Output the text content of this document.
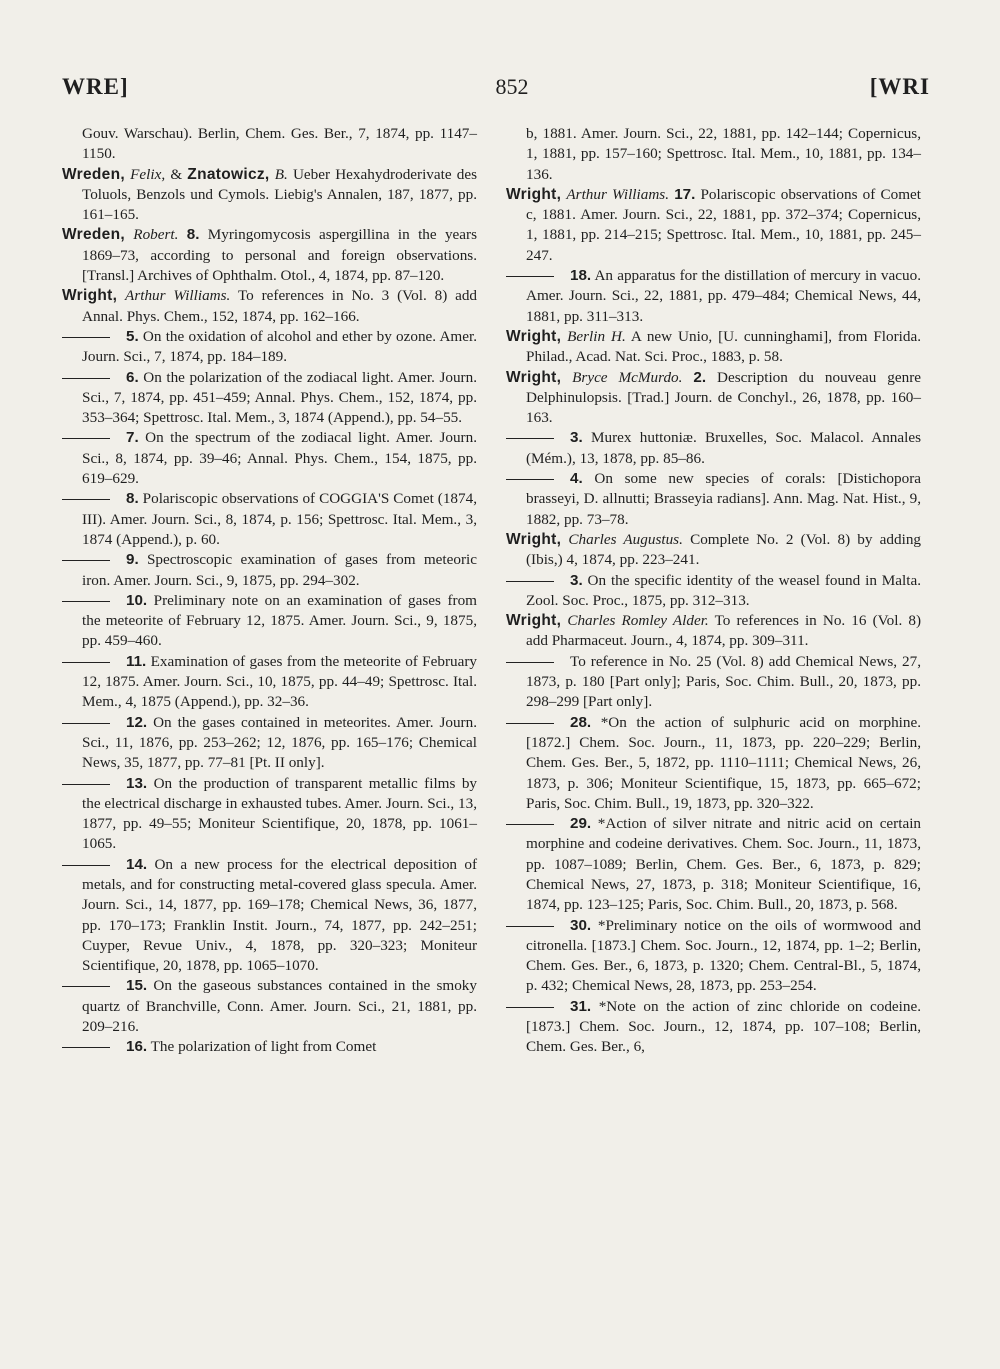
WRE]	852	[WRI

Gouv. Warschau). Berlin, Chem. Ges. Ber., 7, 1874, pp. 1147–1150.

Wreden, Felix, & Znatowicz, B. Ueber Hexahydroderivate des Toluols, Benzols und Cymols. Liebig's Annalen, 187, 1877, pp. 161–165.

Wreden, Robert. 8. Myringomycosis aspergillina in the years 1869–73, according to personal and foreign observations. [Transl.] Archives of Ophthalm. Otol., 4, 1874, pp. 87–120.

Wright, Arthur Williams. To references in No. 3 (Vol. 8) add Annal. Phys. Chem., 152, 1874, pp. 162–166.

5. On the oxidation of alcohol and ether by ozone. Amer. Journ. Sci., 7, 1874, pp. 184–189.

6. On the polarization of the zodiacal light. Amer. Journ. Sci., 7, 1874, pp. 451–459; Annal. Phys. Chem., 152, 1874, pp. 353–364; Spettrosc. Ital. Mem., 3, 1874 (Append.), pp. 54–55.

7. On the spectrum of the zodiacal light. Amer. Journ. Sci., 8, 1874, pp. 39–46; Annal. Phys. Chem., 154, 1875, pp. 619–629.

8. Polariscopic observations of COGGIA'S Comet (1874, III). Amer. Journ. Sci., 8, 1874, p. 156; Spettrosc. Ital. Mem., 3, 1874 (Append.), p. 60.

9. Spectroscopic examination of gases from meteoric iron. Amer. Journ. Sci., 9, 1875, pp. 294–302.

10. Preliminary note on an examination of gases from the meteorite of February 12, 1875. Amer. Journ. Sci., 9, 1875, pp. 459–460.

11. Examination of gases from the meteorite of February 12, 1875. Amer. Journ. Sci., 10, 1875, pp. 44–49; Spettrosc. Ital. Mem., 4, 1875 (Append.), pp. 32–36.

12. On the gases contained in meteorites. Amer. Journ. Sci., 11, 1876, pp. 253–262; 12, 1876, pp. 165–176; Chemical News, 35, 1877, pp. 77–81 [Pt. II only].

13. On the production of transparent metallic films by the electrical discharge in exhausted tubes. Amer. Journ. Sci., 13, 1877, pp. 49–55; Moniteur Scientifique, 20, 1878, pp. 1061–1065.

14. On a new process for the electrical deposition of metals, and for constructing metal-covered glass specula. Amer. Journ. Sci., 14, 1877, pp. 169–178; Chemical News, 36, 1877, pp. 170–173; Franklin Instit. Journ., 74, 1877, pp. 242–251; Cuyper, Revue Univ., 4, 1878, pp. 320–323; Moniteur Scientifique, 20, 1878, pp. 1065–1070.

15. On the gaseous substances contained in the smoky quartz of Branchville, Conn. Amer. Journ. Sci., 21, 1881, pp. 209–216.

16. The polarization of light from Comet

b, 1881. Amer. Journ. Sci., 22, 1881, pp. 142–144; Copernicus, 1, 1881, pp. 157–160; Spettrosc. Ital. Mem., 10, 1881, pp. 134–136.

Wright, Arthur Williams. 17. Polariscopic observations of Comet c, 1881. Amer. Journ. Sci., 22, 1881, pp. 372–374; Copernicus, 1, 1881, pp. 214–215; Spettrosc. Ital. Mem., 10, 1881, pp. 245–247.

18. An apparatus for the distillation of mercury in vacuo. Amer. Journ. Sci., 22, 1881, pp. 479–484; Chemical News, 44, 1881, pp. 311–313.

Wright, Berlin H. A new Unio, [U. cunninghami], from Florida. Philad., Acad. Nat. Sci. Proc., 1883, p. 58.

Wright, Bryce McMurdo. 2. Description du nouveau genre Delphinulopsis. [Trad.] Journ. de Conchyl., 26, 1878, pp. 160–163.

3. Murex huttoniæ. Bruxelles, Soc. Malacol. Annales (Mém.), 13, 1878, pp. 85–86.

4. On some new species of corals: [Distichopora brasseyi, D. allnutti; Brasseyia radians]. Ann. Mag. Nat. Hist., 9, 1882, pp. 73–78.

Wright, Charles Augustus. Complete No. 2 (Vol. 8) by adding (Ibis,) 4, 1874, pp. 223–241.

3. On the specific identity of the weasel found in Malta. Zool. Soc. Proc., 1875, pp. 312–313.

Wright, Charles Romley Alder. To references in No. 16 (Vol. 8) add Pharmaceut. Journ., 4, 1874, pp. 309–311.

To reference in No. 25 (Vol. 8) add Chemical News, 27, 1873, p. 180 [Part only]; Paris, Soc. Chim. Bull., 20, 1873, pp. 298–299 [Part only].

28. *On the action of sulphuric acid on morphine. [1872.] Chem. Soc. Journ., 11, 1873, pp. 220–229; Berlin, Chem. Ges. Ber., 5, 1872, pp. 1110–1111; Chemical News, 26, 1873, p. 306; Moniteur Scientifique, 15, 1873, pp. 665–672; Paris, Soc. Chim. Bull., 19, 1873, pp. 320–322.

29. *Action of silver nitrate and nitric acid on certain morphine and codeine derivatives. Chem. Soc. Journ., 11, 1873, pp. 1087–1089; Berlin, Chem. Ges. Ber., 6, 1873, p. 829; Chemical News, 27, 1873, p. 318; Moniteur Scientifique, 16, 1874, pp. 123–125; Paris, Soc. Chim. Bull., 20, 1873, p. 568.

30. *Preliminary notice on the oils of wormwood and citronella. [1873.] Chem. Soc. Journ., 12, 1874, pp. 1–2; Berlin, Chem. Ges. Ber., 6, 1873, p. 1320; Chem. Central-Bl., 5, 1874, p. 432; Chemical News, 28, 1873, pp. 253–254.

31. *Note on the action of zinc chloride on codeine. [1873.] Chem. Soc. Journ., 12, 1874, pp. 107–108; Berlin, Chem. Ges. Ber., 6,
